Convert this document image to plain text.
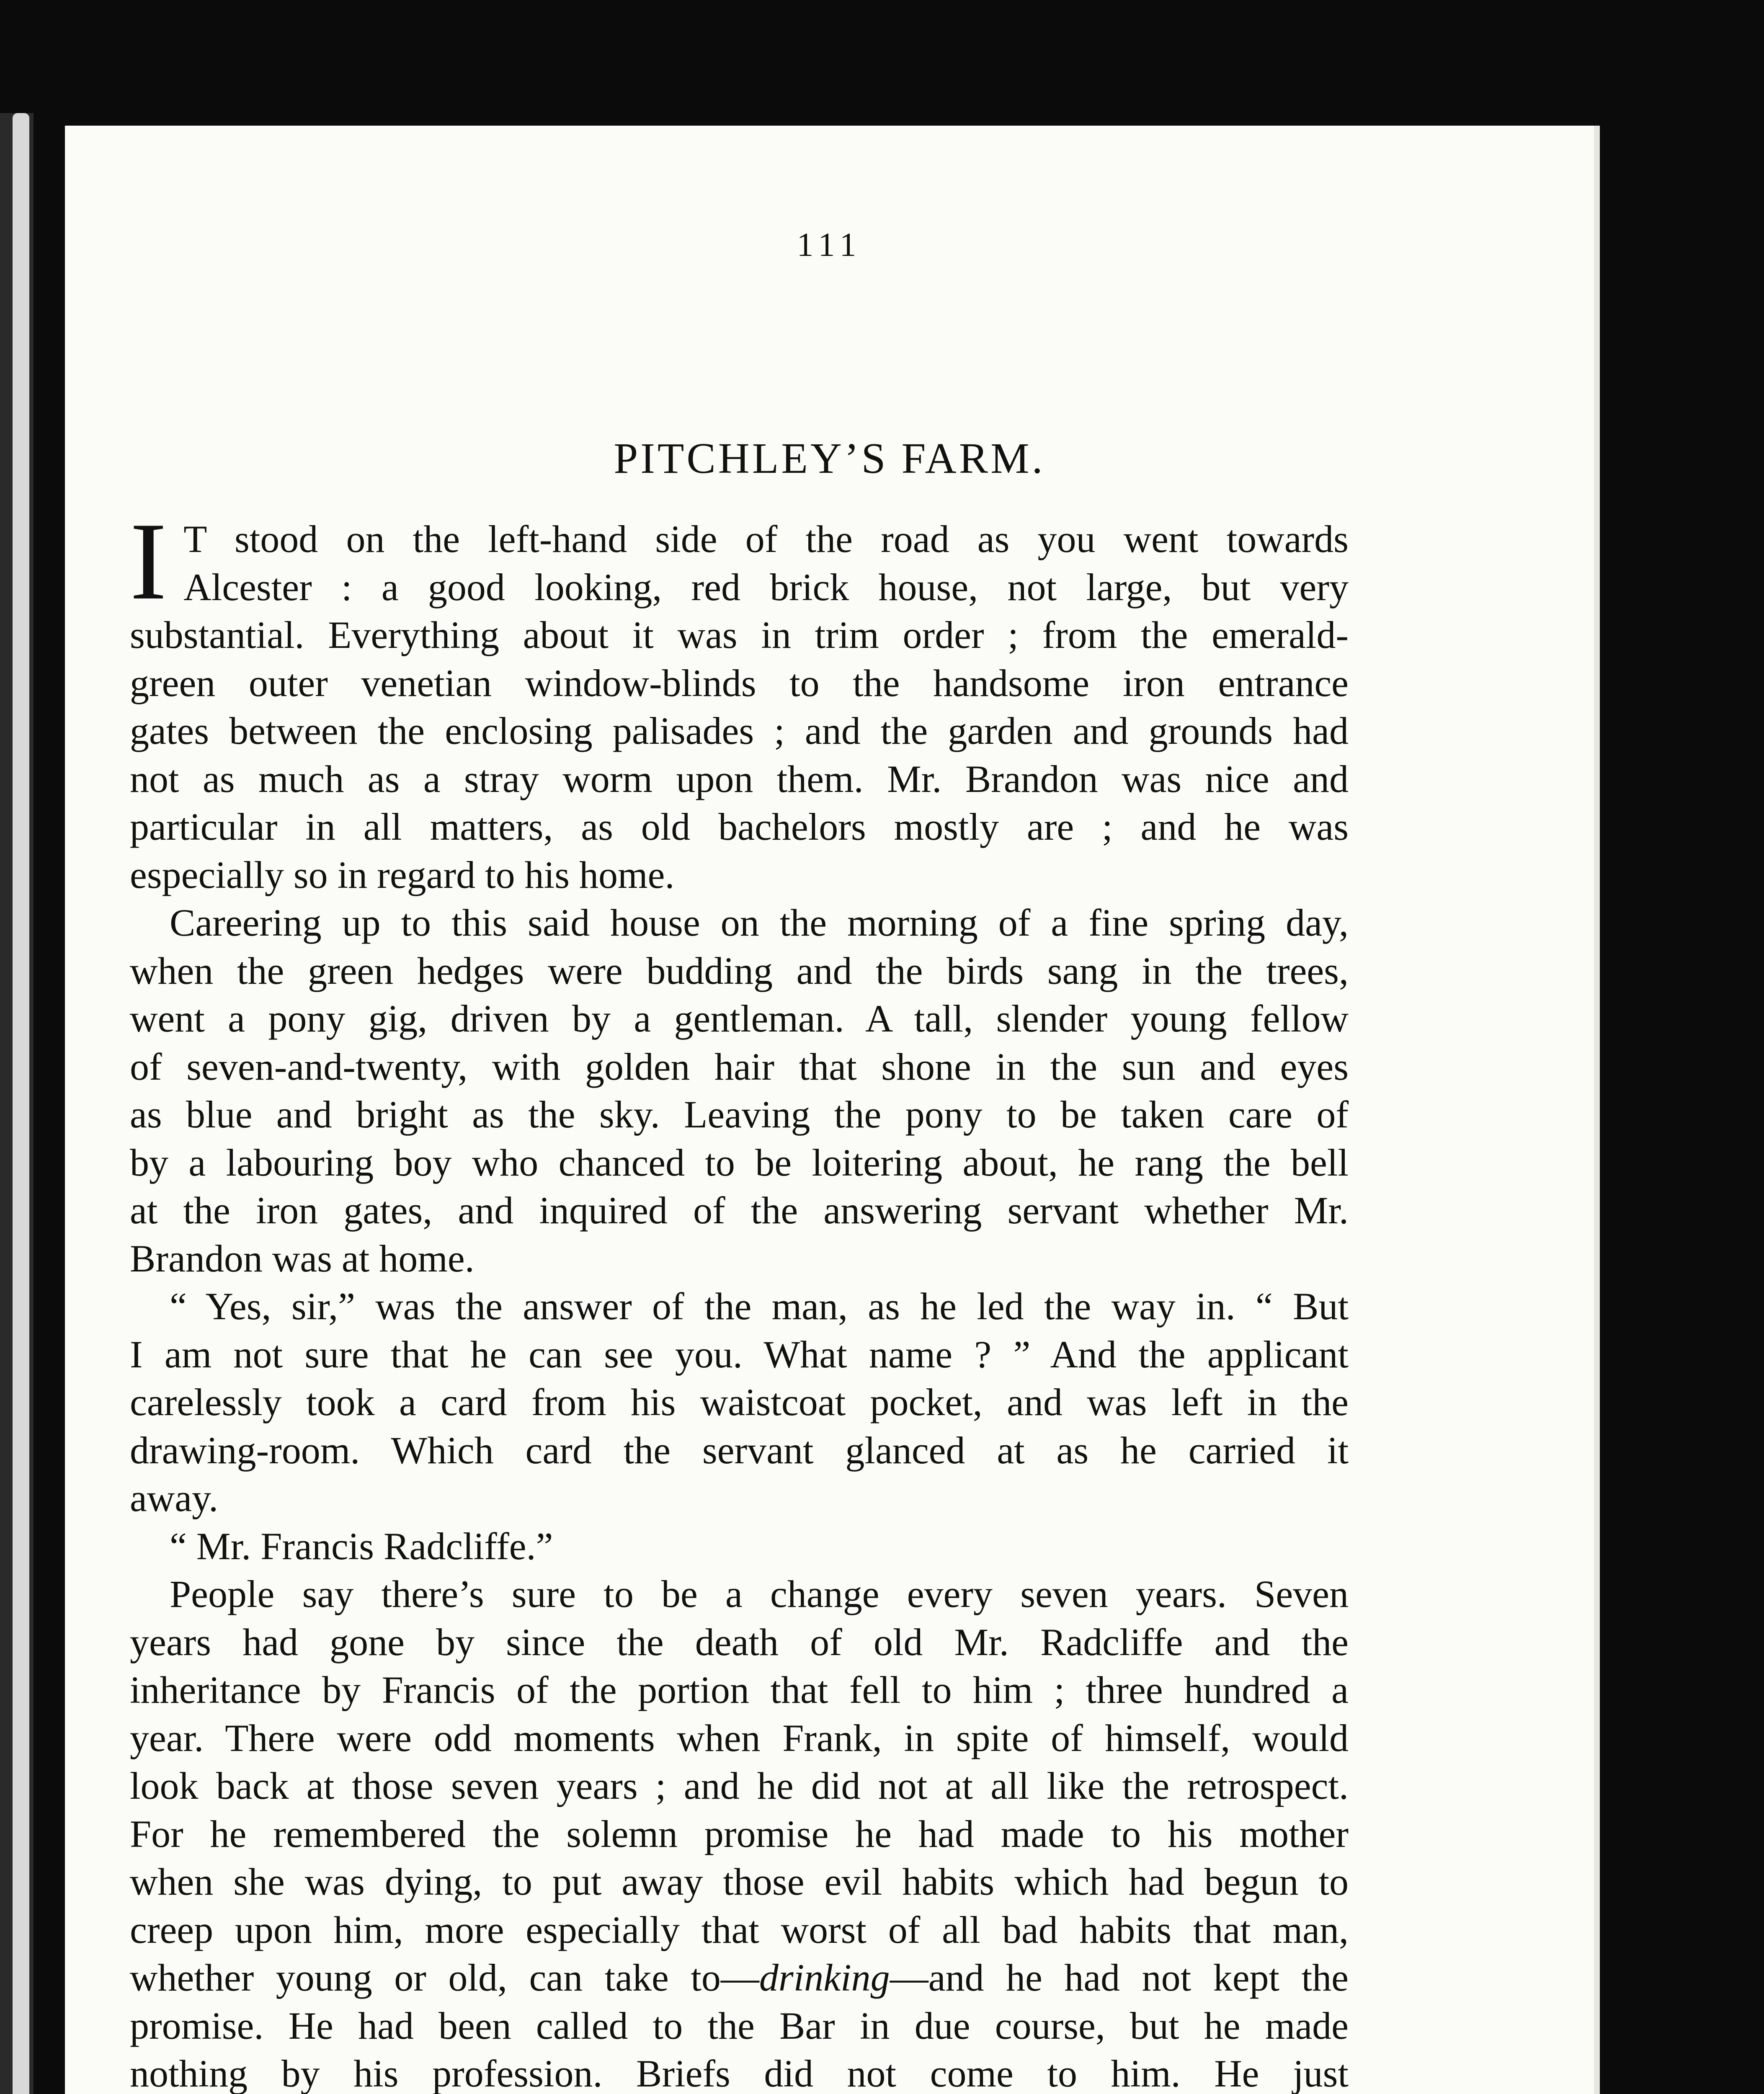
111
PITCHLEY’S FARM.
I T stood on the left-hand side of the road as you went towards
Alcester : a good looking, red brick house, not large, but very
substantial. Everything about it was in trim order ; from the emerald-
green outer venetian window-blinds to the handsome iron entrance
gates between the enclosing palisades ; and the garden and grounds had
not as much as a stray worm upon them. Mr. Brandon was nice and
particular in all matters, as old bachelors mostly are ; and he was
especially so in regard to his home.
Careering up to this said house on the morning of a fine spring day,
when the green hedges were budding and the birds sang in the trees,
went a pony gig, driven by a gentleman. A tall, slender young fellow
of seven-and-twenty, with golden hair that shone in the sun and eyes
as blue and bright as the sky. Leaving the pony to be taken care of
by a labouring boy who chanced to be loitering about, he rang the bell
at the iron gates, and inquired of the answering servant whether Mr.
Brandon was at home.
“ Yes, sir,” was the answer of the man, as he led the way in. “ But
I am not sure that he can see you. What name ? ” And the applicant
carelessly took a card from his waistcoat pocket, and was left in the
drawing-room. Which card the servant glanced at as he carried it
away.
“ Mr. Francis Radcliffe.”
People say there’s sure to be a change every seven years. Seven
years had gone by since the death of old Mr. Radcliffe and the
inheritance by Francis of the portion that fell to him ; three hundred a
year. There were odd moments when Frank, in spite of himself, would
look back at those seven years ; and he did not at all like the retrospect.
For he remembered the solemn promise he had made to his mother
when she was dying, to put away those evil habits which had begun to
creep upon him, more especially that worst of all bad habits that man,
whether young or old, can take to—drinking—and he had not kept the
promise. He had been called to the Bar in due course, but he made
nothing by his profession. Briefs did not come to him. He just
